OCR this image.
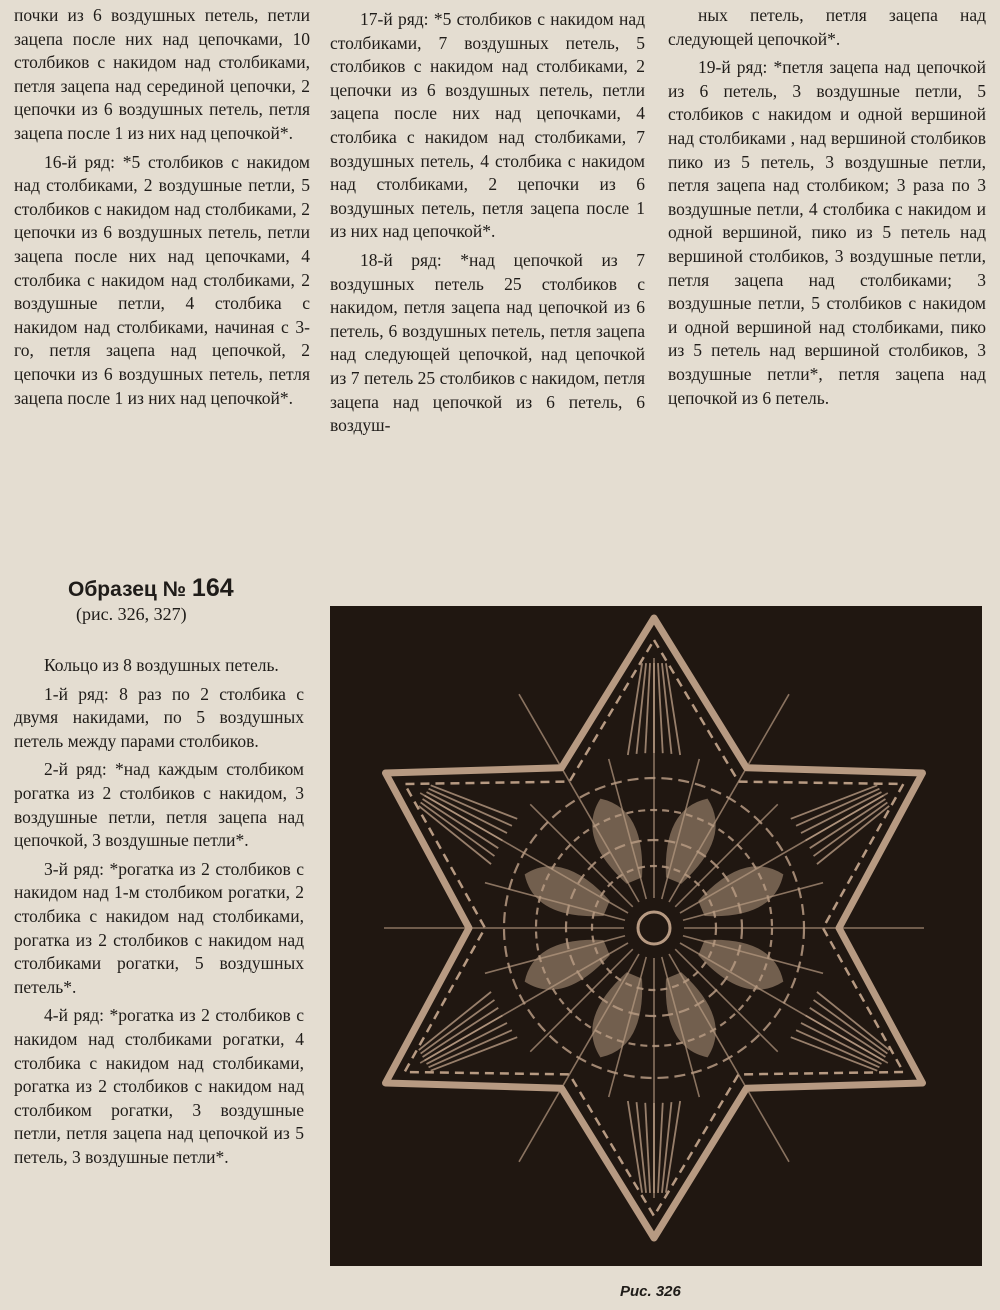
почки из 6 воздушных петель, петли зацепа после них над цепочками, 10 столбиков с накидом над столбиками, петля зацепа над серединой цепочки, 2 цепочки из 6 воздушных петель, петля зацепа после 1 из них над цепочкой*.

16-й ряд: *5 столбиков с накидом над столбиками, 2 воздушные петли, 5 столбиков с накидом над столбиками, 2 цепочки из 6 воздушных петель, петли зацепа после них над цепочками, 4 столбика с накидом над столбиками, 2 воздушные петли, 4 столбика с накидом над столбиками, начиная с 3-го, петля зацепа над цепочкой, 2 цепочки из 6 воздушных петель, петля зацепа после 1 из них над цепочкой*.

17-й ряд: *5 столбиков с накидом над столбиками, 7 воздушных петель, 5 столбиков с накидом над столбиками, 2 цепочки из 6 воздушных петель, петли зацепа после них над цепочками, 4 столбика с накидом над столбиками, 7 воздушных петель, 4 столбика с накидом над столбиками, 2 цепочки из 6 воздушных петель, петля зацепа после 1 из них над цепочкой*.

18-й ряд: *над цепочкой из 7 воздушных петель 25 столбиков с накидом, петля зацепа над цепочкой из 6 петель, 6 воздушных петель, петля зацепа над следующей цепочкой, над цепочкой из 7 петель 25 столбиков с накидом, петля зацепа над цепочкой из 6 петель, 6 воздуш-

ных петель, петля зацепа над следующей цепочкой*.

19-й ряд: *петля зацепа над цепочкой из 6 петель, 3 воздушные петли, 5 столбиков с накидом и одной вершиной над столбиками , над вершиной столбиков пико из 5 петель, 3 воздушные петли, петля зацепа над столбиком; 3 раза по 3 воздушные петли, 4 столбика с накидом и одной вершиной, пико из 5 петель над вершиной столбиков, 3 воздушные петли, петля зацепа над столбиками; 3 воздушные петли, 5 столбиков с накидом и одной вершиной над столбиками, пико из 5 петель над вершиной столбиков, 3 воздушные петли*, петля зацепа над цепочкой из 6 петель.

Образец № 164
(рис. 326, 327)

Кольцо из 8 воздушных петель.

1-й ряд: 8 раз по 2 столбика с двумя накидами, по 5 воздушных петель между парами столбиков.

2-й ряд: *над каждым столбиком рогатка из 2 столбиков с накидом, 3 воздушные петли, петля зацепа над цепочкой, 3 воздушные петли*.

3-й ряд: *рогатка из 2 столбиков с накидом над 1-м столбиком рогатки, 2 столбика с накидом над столбиками, рогатка из 2 столбиков с накидом над столбиками рогатки, 5 воздушных петель*.

4-й ряд: *рогатка из 2 столбиков с накидом над столбиками рогатки, 4 столбика с накидом над столбиками, рогатка из 2 столбиков с накидом над столбиком рогатки, 3 воздушные петли, петля зацепа над цепочкой из 5 петель, 3 воздушные петли*.

Рис. 326
